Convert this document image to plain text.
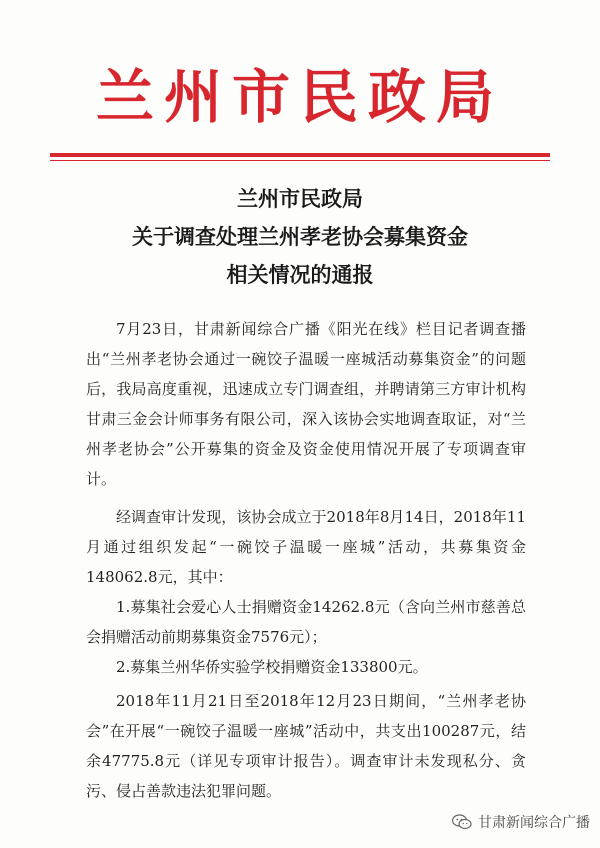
兰州市民政局
兰州市民政局
关于调查处理兰州孝老协会募集资金
相关情况的通报

7月23日，甘肃新闻综合广播《阳光在线》栏目记者调查播出“兰州孝老协会通过一碗饺子温暖一座城活动募集资金”的问题后，我局高度重视，迅速成立专门调查组，并聘请第三方审计机构甘肃三金会计师事务有限公司，深入该协会实地调查取证，对“兰州孝老协会”公开募集的资金及资金使用情况开展了专项调查审计。

经调查审计发现，该协会成立于2018年8月14日，2018年11月通过组织发起“一碗饺子温暖一座城”活动，共募集资金148062.8元，其中：

1.募集社会爱心人士捐赠资金14262.8元（含向兰州市慈善总会捐赠活动前期募集资金7576元）；

2.募集兰州华侨实验学校捐赠资金133800元。

2018年11月21日至2018年12月23日期间，“兰州孝老协会”在开展“一碗饺子温暖一座城”活动中，共支出100287元，结余47775.8元（详见专项审计报告）。调查审计未发现私分、贪污、侵占善款违法犯罪问题。

甘肃新闻综合广播
